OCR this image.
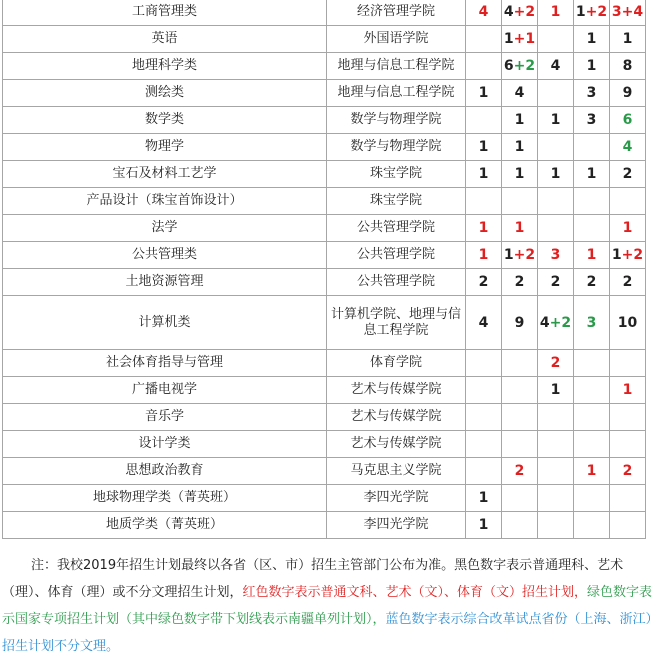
工商管理类	经济管理学院	4	4+2	1	1+2	3+4
英语	外国语学院		1+1		1	1
地理科学类	地理与信息工程学院		6+2	4	1	8
测绘类	地理与信息工程学院	1	4		3	9
数学类	数学与物理学院		1	1	3	6
物理学	数学与物理学院	1	1			4
宝石及材料工艺学	珠宝学院	1	1	1	1	2
产品设计（珠宝首饰设计）	珠宝学院					
法学	公共管理学院	1	1			1
公共管理类	公共管理学院	1	1+2	3	1	1+2
土地资源管理	公共管理学院	2	2	2	2	2
计算机类	计算机学院、地理与信息工程学院	4	9	4+2	3	10
社会体育指导与管理	体育学院			2		
广播电视学	艺术与传媒学院			1		1
音乐学	艺术与传媒学院					
设计学类	艺术与传媒学院					
思想政治教育	马克思主义学院		2		1	2
地球物理学类（菁英班）	李四光学院	1				
地质学类（菁英班）	李四光学院	1				
注：我校2019年招生计划最终以各省（区、市）招生主管部门公布为准。黑色数字表示普通理科、艺术（理）、体育（理）或不分文理招生计划，红色数字表示普通文科、艺术（文）、体育（文）招生计划，绿色数字表示国家专项招生计划（其中绿色数字带下划线表示南疆单列计划），蓝色数字表示综合改革试点省份（上海、浙江）招生计划不分文理。
